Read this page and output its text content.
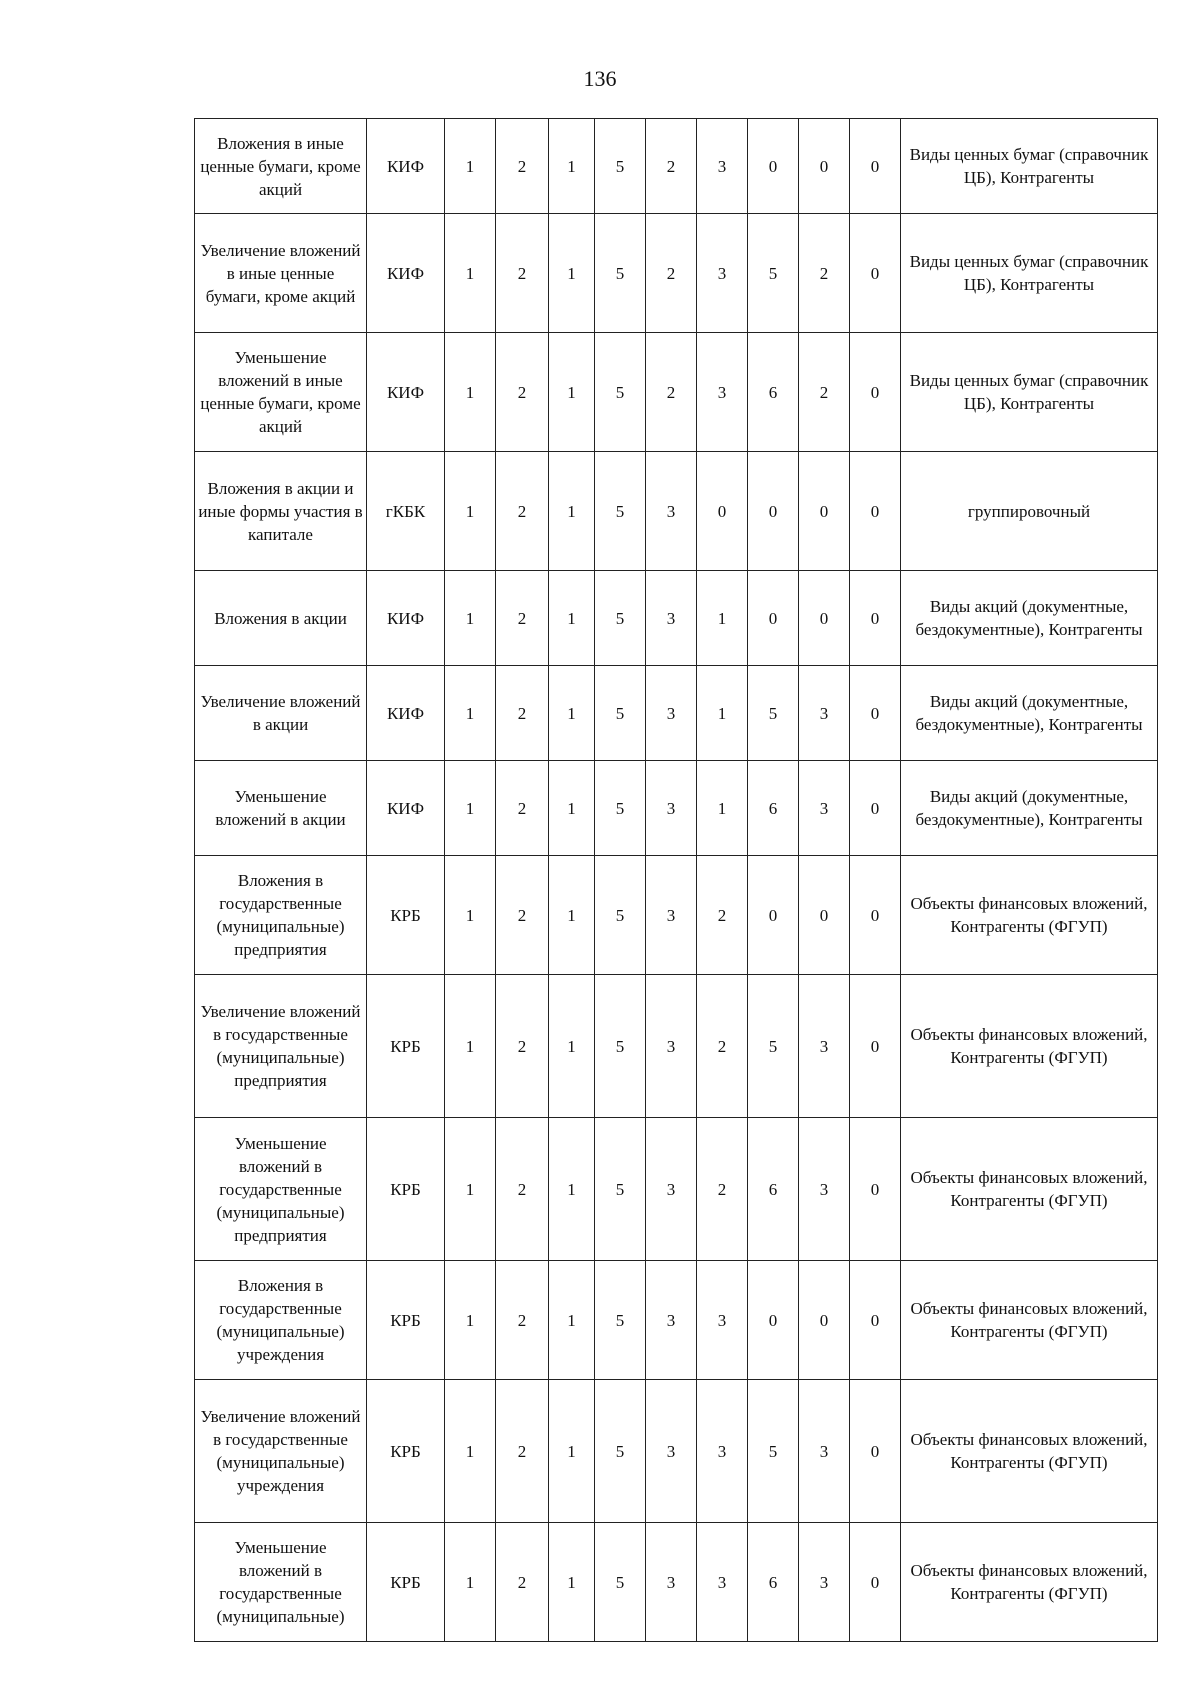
136
Вложения в иные ценные бумаги, кроме акций	КИФ	1	2	1	5	2	3	0	0	0	Виды ценных бумаг (справочник ЦБ), Контрагенты
Увеличение вложений в иные ценные бумаги, кроме акций	КИФ	1	2	1	5	2	3	5	2	0	Виды ценных бумаг (справочник ЦБ), Контрагенты
Уменьшение вложений в иные ценные бумаги, кроме акций	КИФ	1	2	1	5	2	3	6	2	0	Виды ценных бумаг (справочник ЦБ), Контрагенты
Вложения в акции и иные формы участия в капитале	гКБК	1	2	1	5	3	0	0	0	0	группировочный
Вложения в акции	КИФ	1	2	1	5	3	1	0	0	0	Виды акций (документные, бездокументные), Контрагенты
Увеличение вложений в акции	КИФ	1	2	1	5	3	1	5	3	0	Виды акций (документные, бездокументные), Контрагенты
Уменьшение вложений в акции	КИФ	1	2	1	5	3	1	6	3	0	Виды акций (документные, бездокументные), Контрагенты
Вложения в государственные (муниципальные) предприятия	КРБ	1	2	1	5	3	2	0	0	0	Объекты финансовых вложений, Контрагенты (ФГУП)
Увеличение вложений в государственные (муниципальные) предприятия	КРБ	1	2	1	5	3	2	5	3	0	Объекты финансовых вложений, Контрагенты (ФГУП)
Уменьшение вложений в государственные (муниципальные) предприятия	КРБ	1	2	1	5	3	2	6	3	0	Объекты финансовых вложений, Контрагенты (ФГУП)
Вложения в государственные (муниципальные) учреждения	КРБ	1	2	1	5	3	3	0	0	0	Объекты финансовых вложений, Контрагенты (ФГУП)
Увеличение вложений в государственные (муниципальные) учреждения	КРБ	1	2	1	5	3	3	5	3	0	Объекты финансовых вложений, Контрагенты (ФГУП)
Уменьшение вложений в государственные (муниципальные)	КРБ	1	2	1	5	3	3	6	3	0	Объекты финансовых вложений, Контрагенты (ФГУП)
